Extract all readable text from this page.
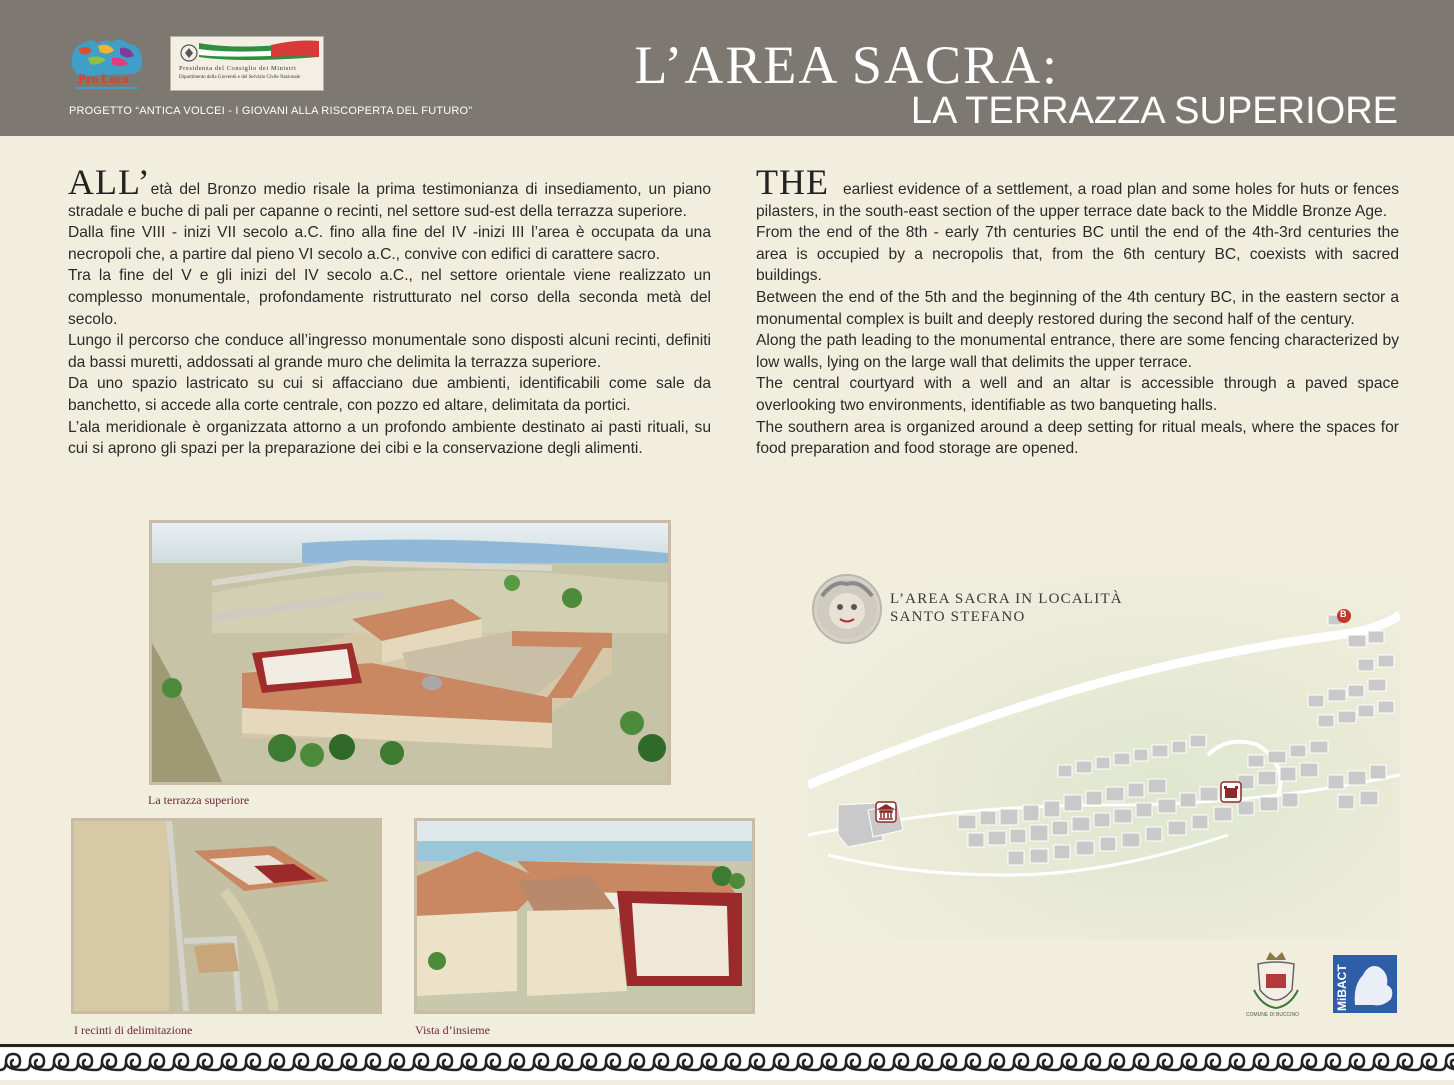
Pro Loco
Presidenza del Consiglio dei Ministri
Dipartimento della Gioventù e del Servizio Civile Nazionale
PROGETTO “ANTICA VOLCEI - I GIOVANI ALLA RISCOPERTA DEL FUTURO”
L’AREA SACRA:
LA TERRAZZA SUPERIORE

ALL’età del Bronzo medio risale la prima testimonianza di insediamento, un piano stradale e buche di pali per capanne o recinti, nel settore sud-est della terrazza superiore.

Dalla fine VIII - inizi VII secolo a.C. fino alla fine del IV -inizi III l’area è occupata da una necropoli che, a partire dal pieno VI secolo a.C., convive con edifici di carattere sacro.

Tra la fine del V e gli inizi del IV secolo a.C., nel settore orientale viene realizzato un complesso monumentale, profondamente ristrutturato nel corso della seconda metà del secolo.

Lungo il percorso che conduce all’ingresso monumentale sono disposti alcuni recinti, definiti da bassi muretti, addossati al grande muro che delimita la terrazza superiore.

Da uno spazio lastricato su cui si affacciano due ambienti, identificabili come sale da banchetto, si accede alla corte centrale, con pozzo ed altare, delimitata da portici.

L’ala meridionale è organizzata attorno a un profondo ambiente destinato ai pasti rituali, su cui si aprono gli spazi per la preparazione dei cibi e la conservazione degli alimenti.

THE earliest evidence of a settlement, a road plan and some holes for huts or fences pilasters, in the south-east section of the upper terrace date back to the Middle Bronze Age.

From the end of the 8th - early 7th centuries BC until the end of the 4th-3rd centuries the area is occupied by a necropolis that, from the 6th century BC, coexists with sacred buildings.

Between the end of the 5th and the beginning of the 4th century BC, in the eastern sector a monumental complex is built and deeply restored during the second half of the century.

Along the path leading to the monumental entrance, there are some fencing characterized by low walls, lying on the large wall that delimits the upper terrace.

The central courtyard with a well and an altar is accessible through a paved space overlooking two environments, identifiable as two banqueting halls.

The southern area is organized around a deep setting for ritual meals, where the spaces for food preparation and food storage are opened.

La terrazza superiore
I recinti di delimitazione	Vista d’insieme
B
L’AREA SACRA IN LOCALITÀ
SANTO STEFANO
COMUNE DI BUCCINO
MiBACT
